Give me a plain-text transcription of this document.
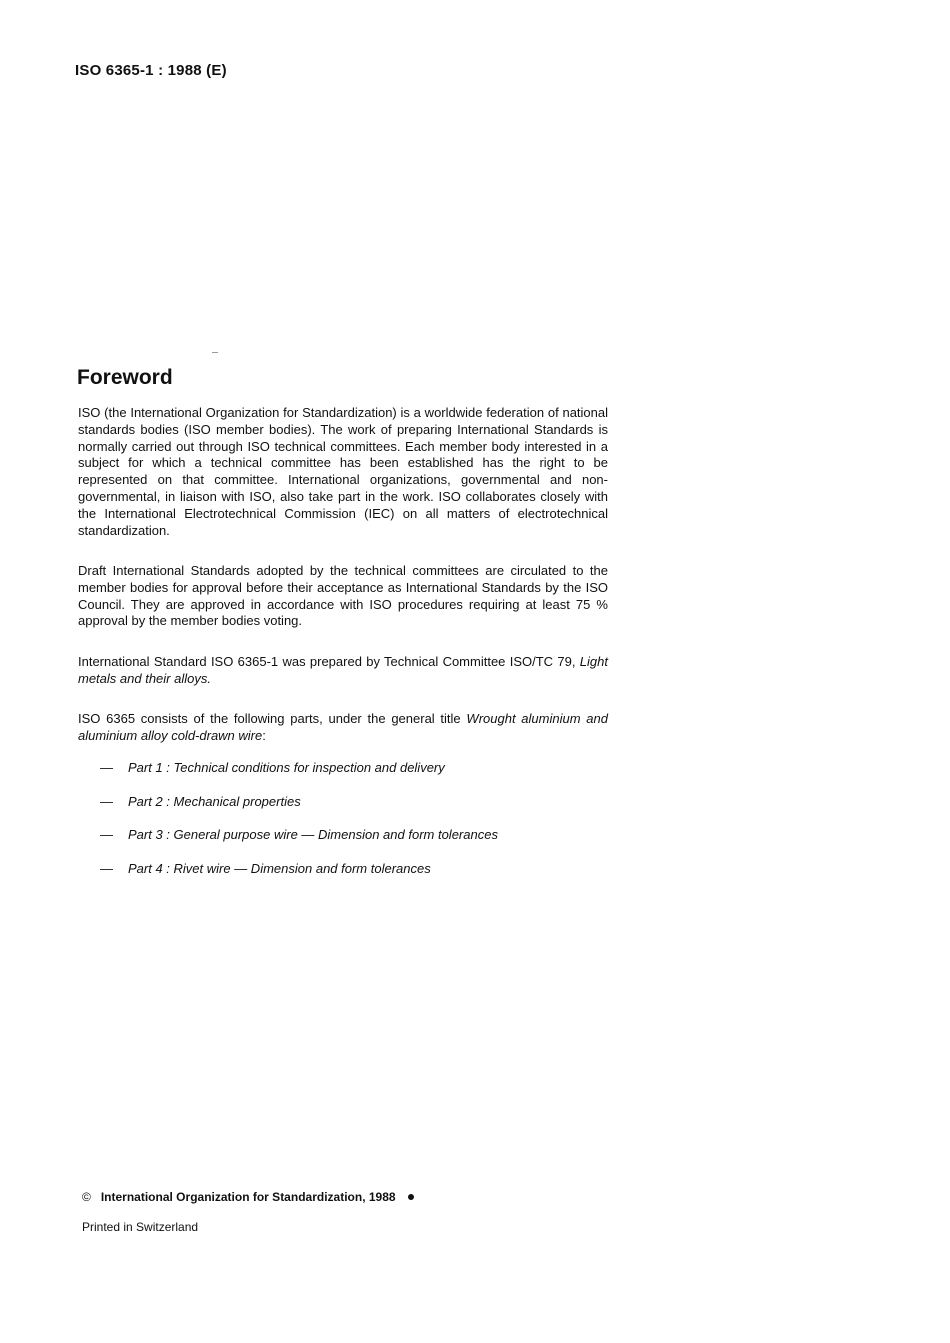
ISO 6365-1 : 1988 (E)
Foreword

ISO (the International Organization for Standardization) is a worldwide federation of national standards bodies (ISO member bodies). The work of preparing International Standards is normally carried out through ISO technical committees. Each member body interested in a subject for which a technical committee has been established has the right to be represented on that committee. International organizations, governmental and non-governmental, in liaison with ISO, also take part in the work. ISO collaborates closely with the International Electrotechnical Commission (IEC) on all matters of electrotechnical standardization.

Draft International Standards adopted by the technical committees are circulated to the member bodies for approval before their acceptance as International Standards by the ISO Council. They are approved in accordance with ISO procedures requiring at least 75 % approval by the member bodies voting.

International Standard ISO 6365-1 was prepared by Technical Committee ISO/TC 79, Light metals and their alloys.

ISO 6365 consists of the following parts, under the general title Wrought aluminium and aluminium alloy cold-drawn wire:

— Part 1 : Technical conditions for inspection and delivery
— Part 2 : Mechanical properties
— Part 3 : General purpose wire — Dimension and form tolerances
— Part 4 : Rivet wire — Dimension and form tolerances
© International Organization for Standardization, 1988
Printed in Switzerland
